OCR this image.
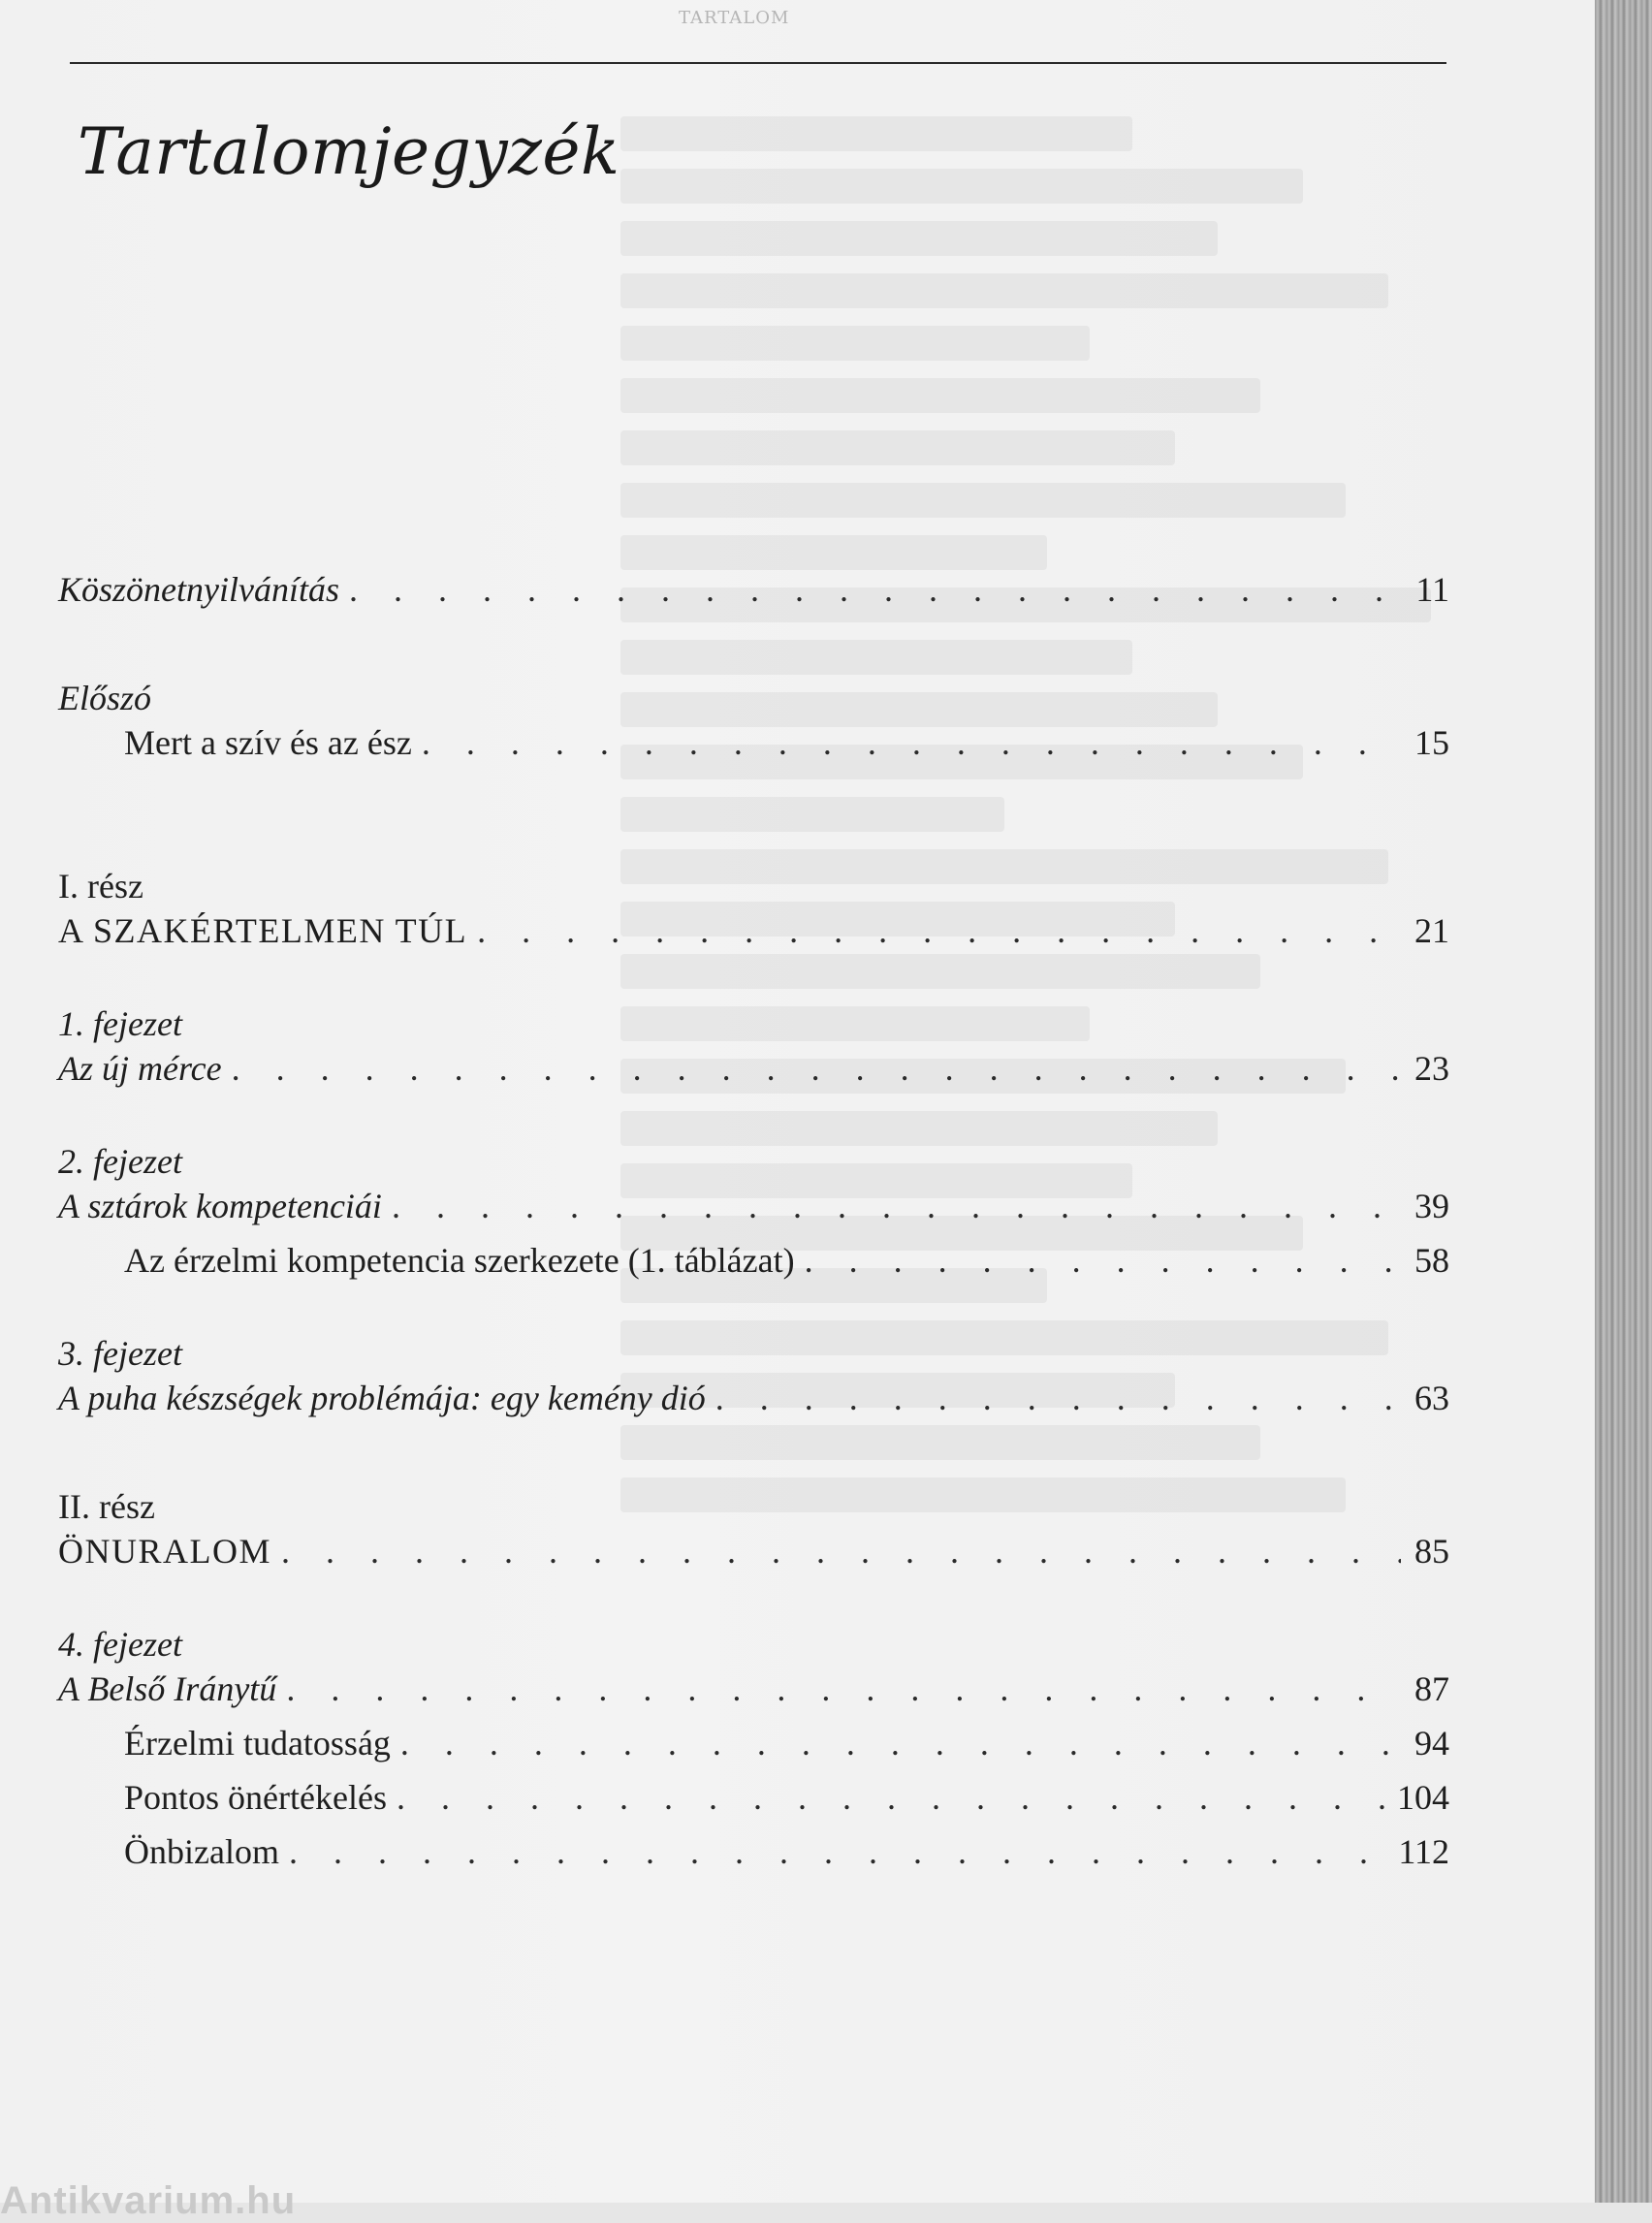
TARTALOM
Tartalomjegyzék
Köszönetnyilvánítás . . .	11
Előszó
Mert a szív és az ész . . .	15
I. rész
A SZAKÉRTELMEN TÚL . . .	21
1. fejezet
Az új mérce . . .	23
2. fejezet
A sztárok kompetenciái . . .	39
Az érzelmi kompetencia szerkezete (1. táblázat) . . .	58
3. fejezet
A puha készségek problémája: egy kemény dió . . .	63
II. rész
ÖNURALOM . . .	85
4. fejezet
A Belső Iránytű . . .	87
Érzelmi tudatosság . . .	94
Pontos önértékelés . . .	104
Önbizalom . . .	112
Antikvarium.hu
